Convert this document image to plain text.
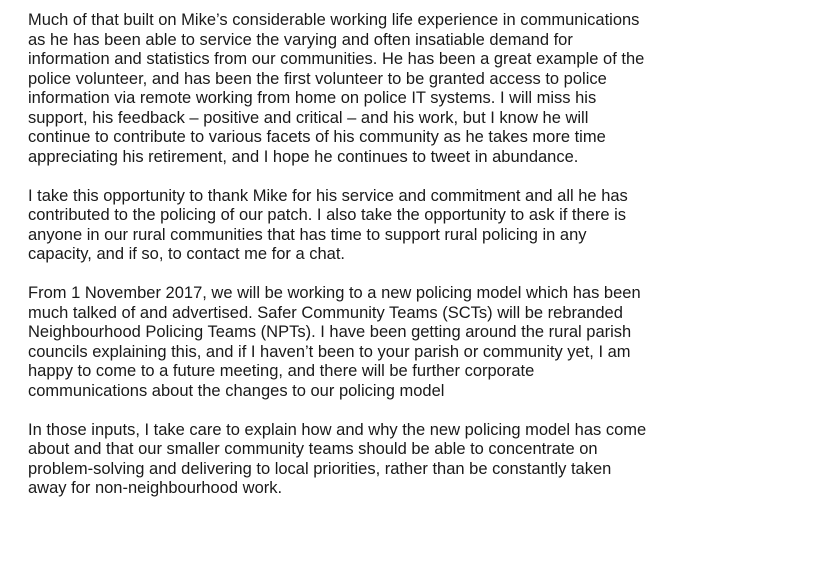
Much of that built on Mike’s considerable working life experience in communications
as he has been able to service the varying and often insatiable demand for
information and statistics from our communities. He has been a great example of the
police volunteer, and has been the first volunteer to be granted access to police
information via remote working from home on police IT systems. I will miss his
support, his feedback – positive and critical – and his work, but I know he will
continue to contribute to various facets of his community as he takes more time
appreciating his retirement, and I hope he continues to tweet in abundance.

I take this opportunity to thank Mike for his service and commitment and all he has
contributed to the policing of our patch. I also take the opportunity to ask if there is
anyone in our rural communities that has time to support rural policing in any
capacity, and if so, to contact me for a chat.

From 1 November 2017, we will be working to a new policing model which has been
much talked of and advertised. Safer Community Teams (SCTs) will be rebranded
Neighbourhood Policing Teams (NPTs). I have been getting around the rural parish
councils explaining this, and if I haven’t been to your parish or community yet, I am
happy to come to a future meeting, and there will be further corporate
communications about the changes to our policing model

In those inputs, I take care to explain how and why the new policing model has come
about and that our smaller community teams should be able to concentrate on
problem-solving and delivering to local priorities, rather than be constantly taken
away for non-neighbourhood work.
